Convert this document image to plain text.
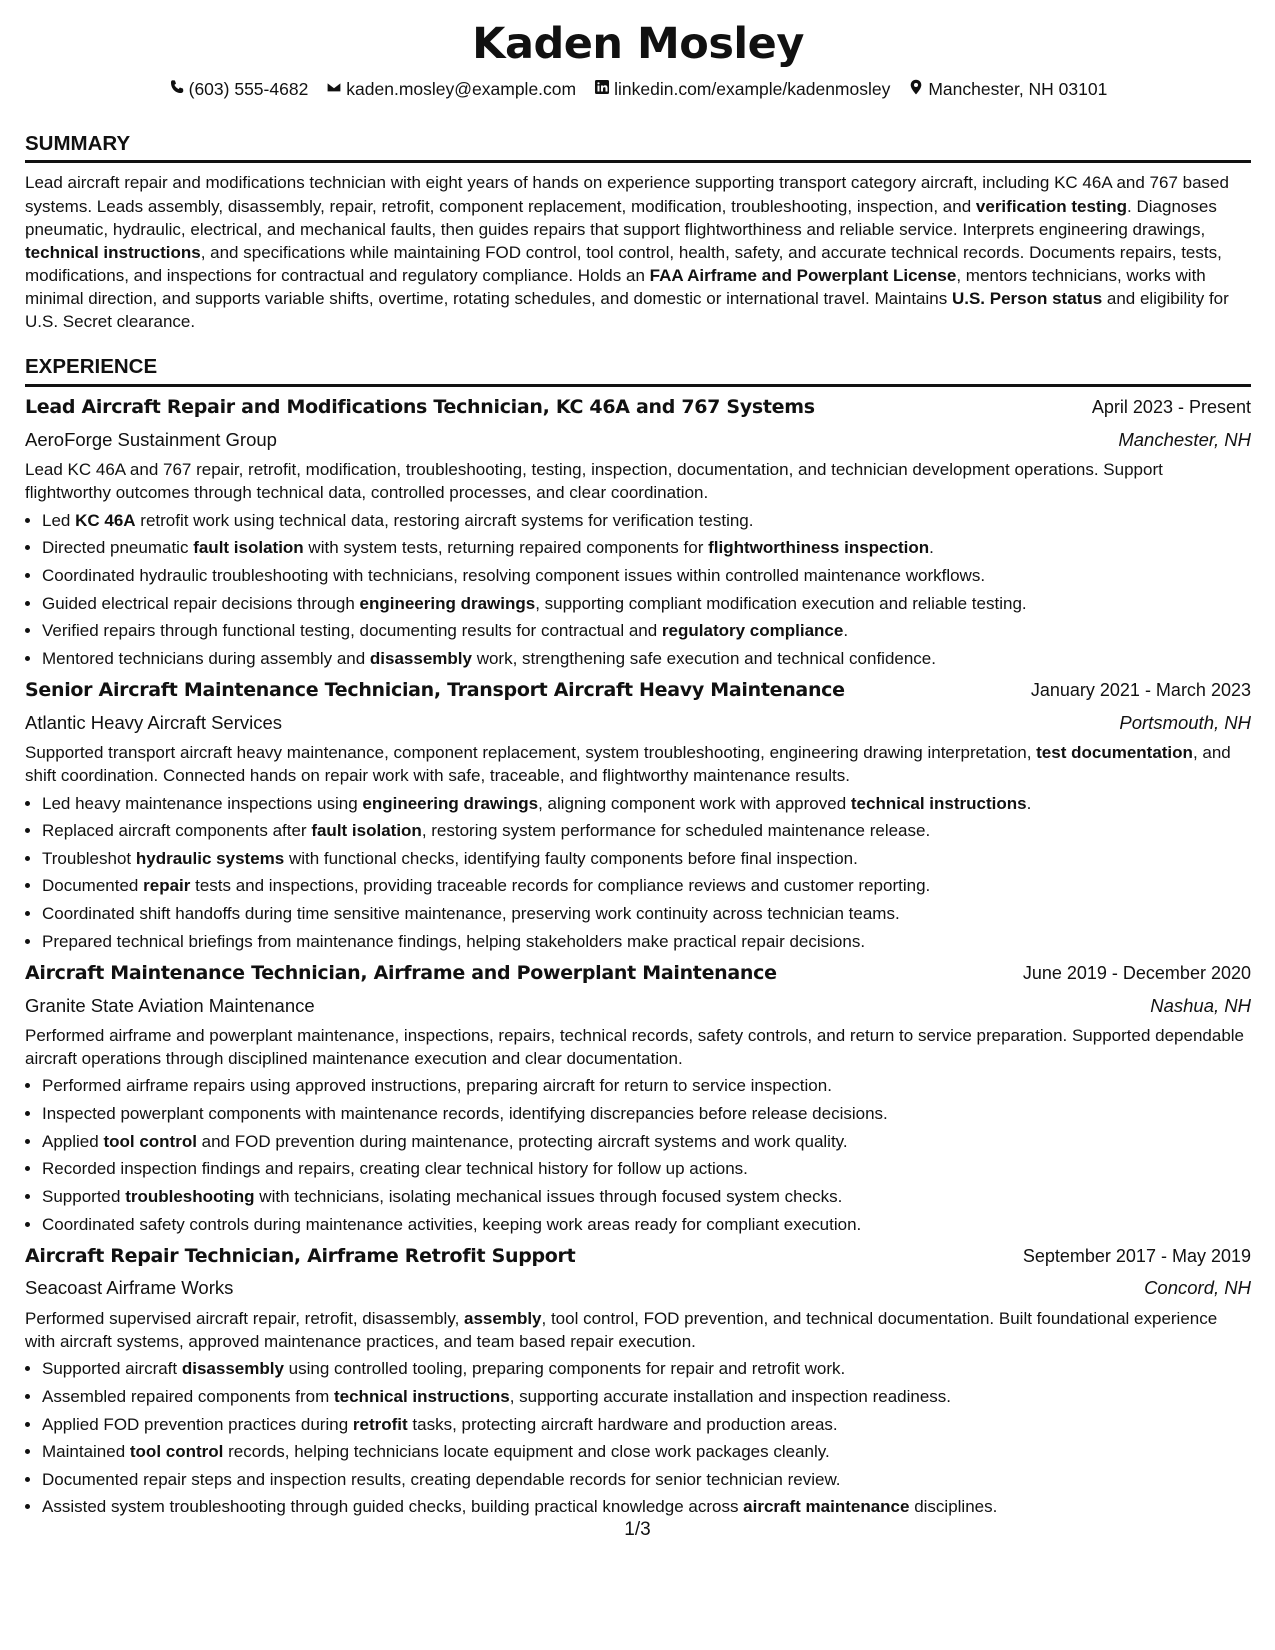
Kaden Mosley
(603) 555-4682 kaden.mosley@example.com linkedin.com/example/kadenmosley Manchester, NH 03101
SUMMARY

Lead aircraft repair and modifications technician with eight years of hands on experience supporting transport category aircraft, including KC 46A and 767 based systems. Leads assembly, disassembly, repair, retrofit, component replacement, modification, troubleshooting, inspection, and verification testing. Diagnoses pneumatic, hydraulic, electrical, and mechanical faults, then guides repairs that support flightworthiness and reliable service. Interprets engineering drawings, technical instructions, and specifications while maintaining FOD control, tool control, health, safety, and accurate technical records. Documents repairs, tests, modifications, and inspections for contractual and regulatory compliance. Holds an FAA Airframe and Powerplant License, mentors technicians, works with minimal direction, and supports variable shifts, overtime, rotating schedules, and domestic or international travel. Maintains U.S. Person status and eligibility for U.S. Secret clearance.

EXPERIENCE
Lead Aircraft Repair and Modifications Technician, KC 46A and 767 Systems	April 2023 - Present
AeroForge Sustainment Group	Manchester, NH

Lead KC 46A and 767 repair, retrofit, modification, troubleshooting, testing, inspection, documentation, and technician development operations. Support flightworthy outcomes through technical data, controlled processes, and clear coordination.

• Led KC 46A retrofit work using technical data, restoring aircraft systems for verification testing.
• Directed pneumatic fault isolation with system tests, returning repaired components for flightworthiness inspection.
• Coordinated hydraulic troubleshooting with technicians, resolving component issues within controlled maintenance workflows.
• Guided electrical repair decisions through engineering drawings, supporting compliant modification execution and reliable testing.
• Verified repairs through functional testing, documenting results for contractual and regulatory compliance.
• Mentored technicians during assembly and disassembly work, strengthening safe execution and technical confidence.
Senior Aircraft Maintenance Technician, Transport Aircraft Heavy Maintenance	January 2021 - March 2023
Atlantic Heavy Aircraft Services	Portsmouth, NH

Supported transport aircraft heavy maintenance, component replacement, system troubleshooting, engineering drawing interpretation, test documentation, and shift coordination. Connected hands on repair work with safe, traceable, and flightworthy maintenance results.

• Led heavy maintenance inspections using engineering drawings, aligning component work with approved technical instructions.
• Replaced aircraft components after fault isolation, restoring system performance for scheduled maintenance release.
• Troubleshot hydraulic systems with functional checks, identifying faulty components before final inspection.
• Documented repair tests and inspections, providing traceable records for compliance reviews and customer reporting.
• Coordinated shift handoffs during time sensitive maintenance, preserving work continuity across technician teams.
• Prepared technical briefings from maintenance findings, helping stakeholders make practical repair decisions.
Aircraft Maintenance Technician, Airframe and Powerplant Maintenance	June 2019 - December 2020
Granite State Aviation Maintenance	Nashua, NH

Performed airframe and powerplant maintenance, inspections, repairs, technical records, safety controls, and return to service preparation. Supported dependable aircraft operations through disciplined maintenance execution and clear documentation.

• Performed airframe repairs using approved instructions, preparing aircraft for return to service inspection.
• Inspected powerplant components with maintenance records, identifying discrepancies before release decisions.
• Applied tool control and FOD prevention during maintenance, protecting aircraft systems and work quality.
• Recorded inspection findings and repairs, creating clear technical history for follow up actions.
• Supported troubleshooting with technicians, isolating mechanical issues through focused system checks.
• Coordinated safety controls during maintenance activities, keeping work areas ready for compliant execution.
Aircraft Repair Technician, Airframe Retrofit Support	September 2017 - May 2019
Seacoast Airframe Works	Concord, NH

Performed supervised aircraft repair, retrofit, disassembly, assembly, tool control, FOD prevention, and technical documentation. Built foundational experience with aircraft systems, approved maintenance practices, and team based repair execution.

• Supported aircraft disassembly using controlled tooling, preparing components for repair and retrofit work.
• Assembled repaired components from technical instructions, supporting accurate installation and inspection readiness.
• Applied FOD prevention practices during retrofit tasks, protecting aircraft hardware and production areas.
• Maintained tool control records, helping technicians locate equipment and close work packages cleanly.
• Documented repair steps and inspection results, creating dependable records for senior technician review.
• Assisted system troubleshooting through guided checks, building practical knowledge across aircraft maintenance disciplines.
1/3
